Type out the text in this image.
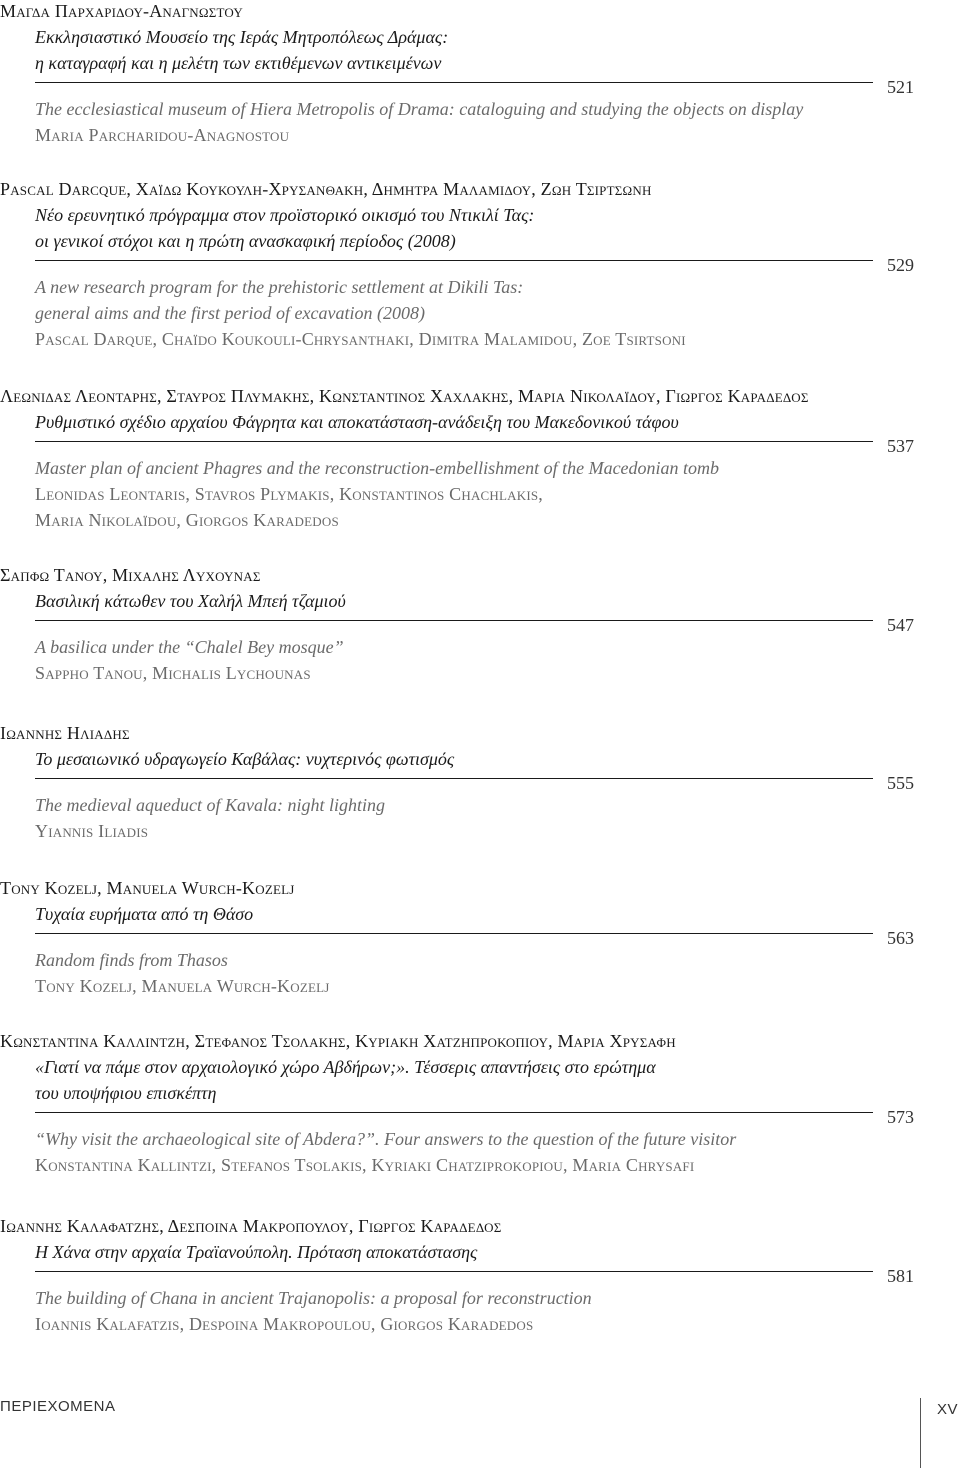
Μαγδα Παρχαριδου-Αναγνωστου
Εκκλησιαστικό Μουσείο της Ιεράς Μητροπόλεως Δράμας:
η καταγραφή και η μελέτη των εκτιθέμενων αντικειμένων
521
The ecclesiastical museum of Hiera Metropolis of Drama: cataloguing and studying the objects on display
Maria Parcharidou-Anagnostou
Pascal Darcque, Χαϊδω Κουκουλη-Χρυσανθακη, Δημητρα Μαλαμιδου, Ζωη Τσιρτσωνη
Νέο ερευνητικό πρόγραμμα στον προϊστορικό οικισμό του Ντικιλί Τας:
οι γενικοί στόχοι και η πρώτη ανασκαφική περίοδος (2008)
529
A new research program for the prehistoric settlement at Dikili Tas:
general aims and the first period of excavation (2008)
Pascal Darque, Chaïdo Koukouli-Chrysanthaki, Dimitra Malamidou, Zoe Tsirtsoni
Λεωνιδας Λεονταρης, Σταυρος Πλυμακης, Κωνσταντινος Χαχλακης, Μαρια Νικολαϊδου, Γιωργος Καραδεδος
Ρυθμιστικό σχέδιο αρχαίου Φάγρητα και αποκατάσταση-ανάδειξη του Μακεδονικού τάφου
537
Master plan of ancient Phagres and the reconstruction-embellishment of the Macedonian tomb
Leonidas Leontaris, Stavros Plymakis, Konstantinos Chachlakis,
Maria Nikolaïdou, Giorgos Karadedos
Σαπφω Τανου, Μιχαλης Λυχουνας
Βασιλική κάτωθεν του Χαλήλ Μπεή τζαμιού
547
A basilica under the “Chalel Bey mosque”
Sappho Tanou, Michalis Lychounas
Ιωαννης Ηλιαδης
Το μεσαιωνικό υδραγωγείο Καβάλας: νυχτερινός φωτισμός
555
The medieval aqueduct of Kavala: night lighting
Yiannis Iliadis
Tony Kozelj, Manuela Wurch-Kozelj
Τυχαία ευρήματα από τη Θάσο
563
Random finds from Thasos
Tony Kozelj, Manuela Wurch-Kozelj
Κωνσταντινα Καλλιντζη, Στεφανος Τσολακης, Κυριακη Χατζηπροκοπιου, Μαρια Χρυσαφη
«Γιατί να πάμε στον αρχαιολογικό χώρο Αβδήρων;». Τέσσερις απαντήσεις στο ερώτημα
του υποψήφιου επισκέπτη
573
“Why visit the archaeological site of Abdera?”. Four answers to the question of the future visitor
Konstantina Kallintzi, Stefanos Tsolakis, Kyriaki Chatziprokopiou, Maria Chrysafi
Ιωαννης Καλαφατζης, Δεσποινα Μακροπουλου, Γιωργος Καραδεδος
Η Χάνα στην αρχαία Τραϊανούπολη. Πρόταση αποκατάστασης
581
The building of Chana in ancient Trajanopolis: a proposal for reconstruction
Ioannis Kalafatzis, Despoina Makropoulou, Giorgos Karadedos
ΠΕΡΙΕΧΟΜΕΝΑ	XV
